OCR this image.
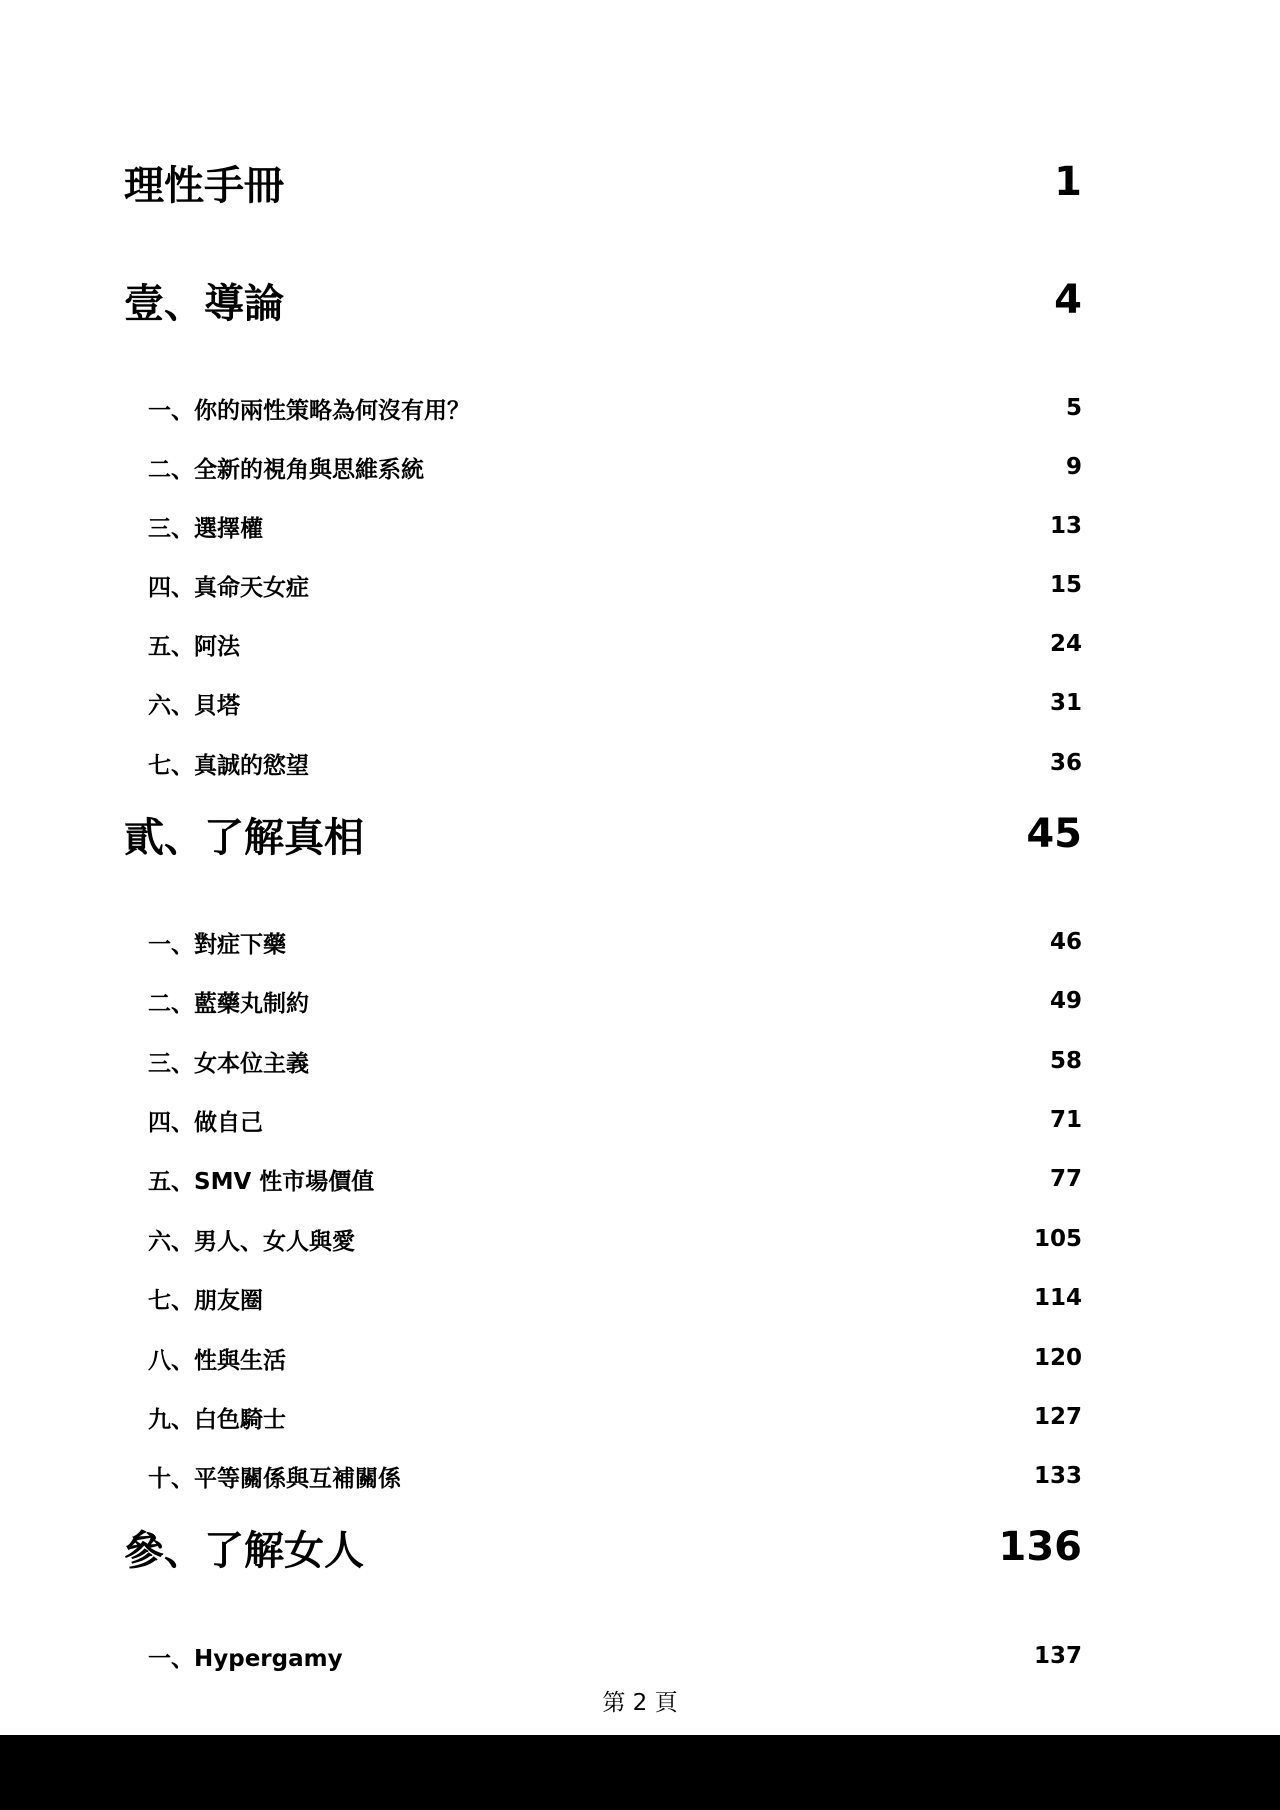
理性手冊	1
壹、導論	4
一、你的兩性策略為何沒有用？	5
二、全新的視角與思維系統	9
三、選擇權	13
四、真命天女症	15
五、阿法	24
六、貝塔	31
七、真誠的慾望	36
貳、了解真相	45
一、對症下藥	46
二、藍藥丸制約	49
三、女本位主義	58
四、做自己	71
五、SMV 性市場價值	77
六、男人、女人與愛	105
七、朋友圈	114
八、性與生活	120
九、白色騎士	127
十、平等關係與互補關係	133
參、了解女人	136
一、Hypergamy	137
第 2 頁
